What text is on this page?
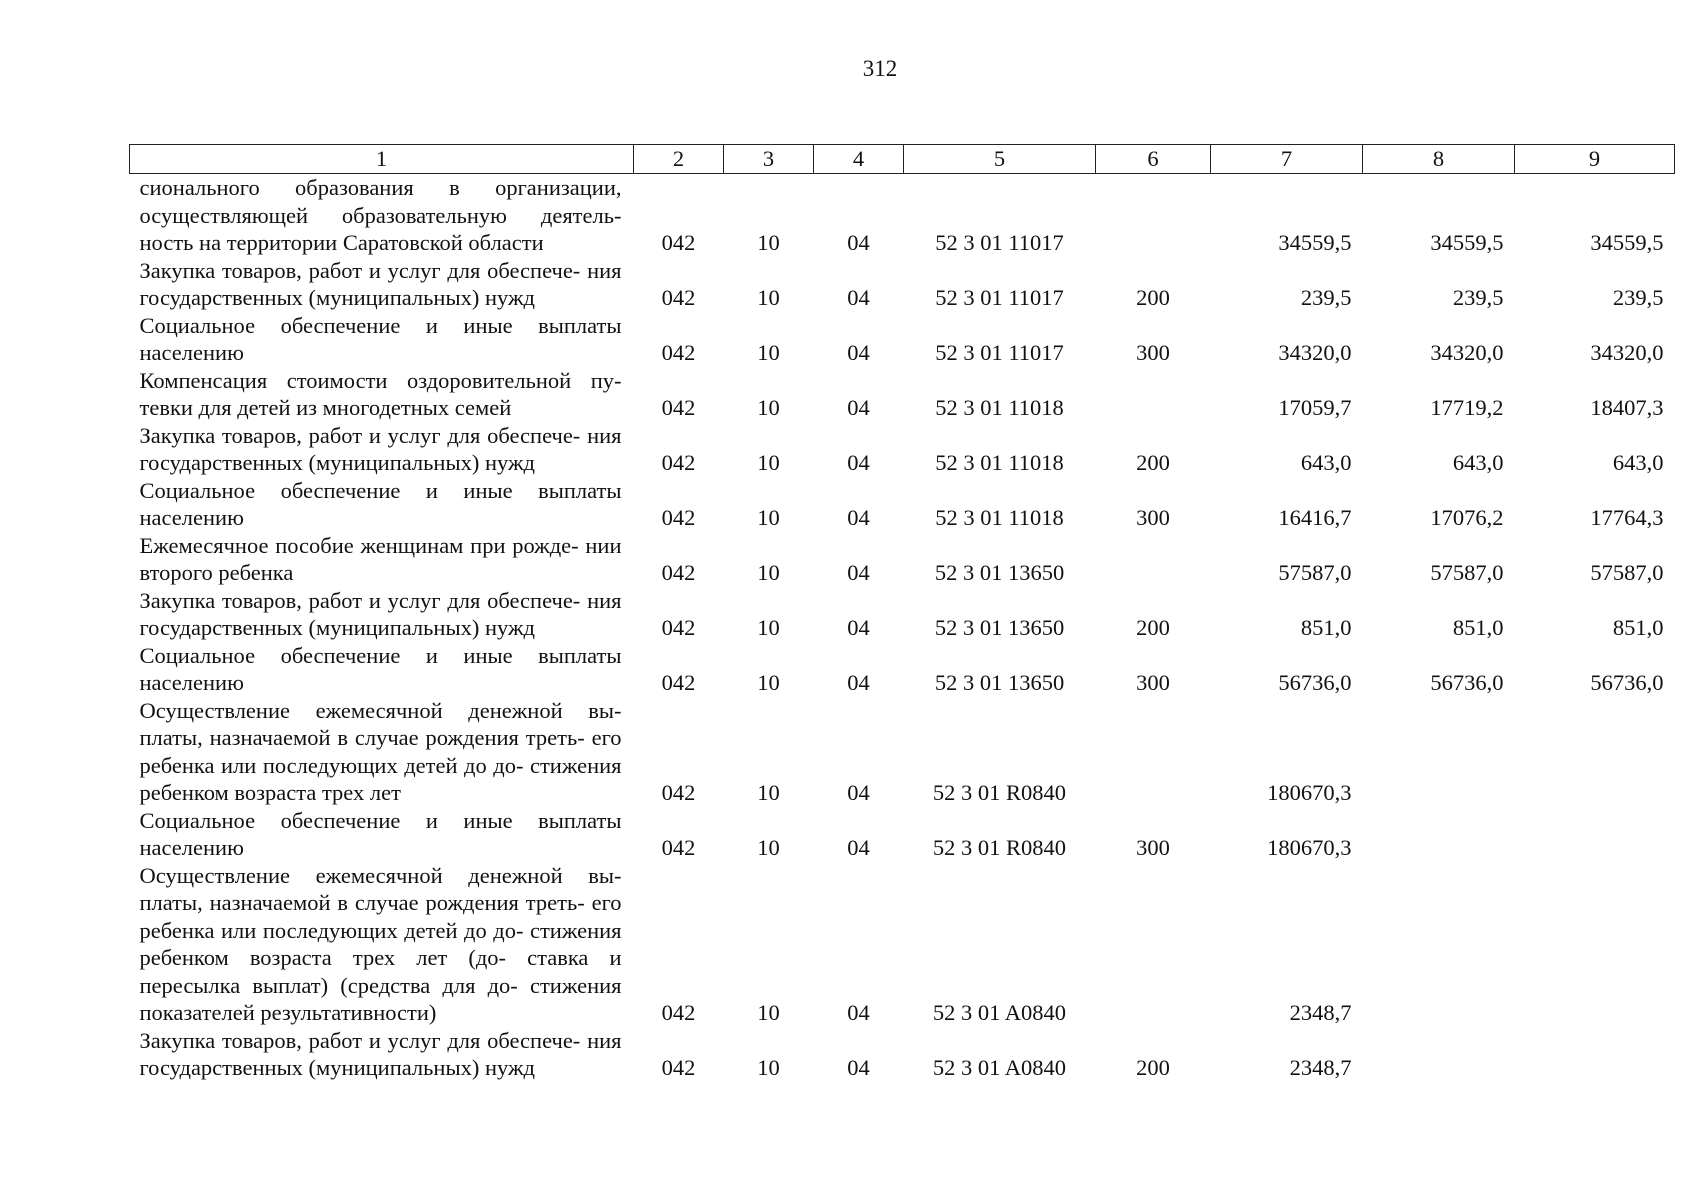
312
1	2	3	4	5	6	7	8	9
сионального образования в организации, осуществляющей образовательную деятель- ность на территории Саратовской области	042	10	04	52 3 01 11017		34559,5	34559,5	34559,5
Закупка товаров, работ и услуг для обеспече- ния государственных (муниципальных) нужд	042	10	04	52 3 01 11017	200	239,5	239,5	239,5
Социальное обеспечение и иные выплаты населению	042	10	04	52 3 01 11017	300	34320,0	34320,0	34320,0
Компенсация стоимости оздоровительной пу- тевки для детей из многодетных семей	042	10	04	52 3 01 11018		17059,7	17719,2	18407,3
Закупка товаров, работ и услуг для обеспече- ния государственных (муниципальных) нужд	042	10	04	52 3 01 11018	200	643,0	643,0	643,0
Социальное обеспечение и иные выплаты населению	042	10	04	52 3 01 11018	300	16416,7	17076,2	17764,3
Ежемесячное пособие женщинам при рожде- нии второго ребенка	042	10	04	52 3 01 13650		57587,0	57587,0	57587,0
Закупка товаров, работ и услуг для обеспече- ния государственных (муниципальных) нужд	042	10	04	52 3 01 13650	200	851,0	851,0	851,0
Социальное обеспечение и иные выплаты населению	042	10	04	52 3 01 13650	300	56736,0	56736,0	56736,0
Осуществление ежемесячной денежной вы- платы, назначаемой в случае рождения треть- его ребенка или последующих детей до до- стижения ребенком возраста трех лет	042	10	04	52 3 01 R0840		180670,3		
Социальное обеспечение и иные выплаты населению	042	10	04	52 3 01 R0840	300	180670,3		
Осуществление ежемесячной денежной вы- платы, назначаемой в случае рождения треть- его ребенка или последующих детей до до- стижения ребенком возраста трех лет (до- ставка и пересылка выплат) (средства для до- стижения показателей результативности)	042	10	04	52 3 01 A0840		2348,7		
Закупка товаров, работ и услуг для обеспече- ния государственных (муниципальных) нужд	042	10	04	52 3 01 A0840	200	2348,7		
